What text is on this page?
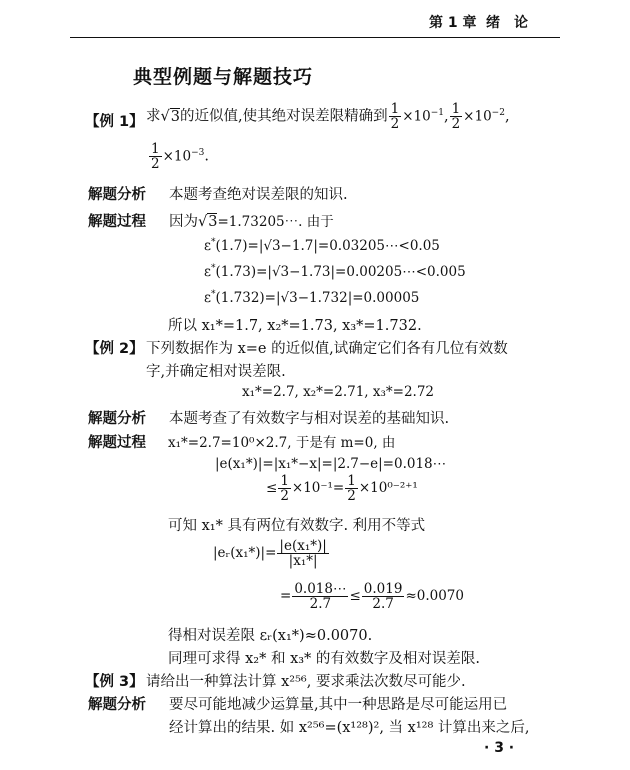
第 1 章 绪　论
典型例题与解题技巧
【例 1】 求√3的近似值,使其绝对误差限精确到 $\frac{1}{2} \times 10^{-1}$, $\frac{1}{2} \times 10^{-2}$,
$\frac{1}{2} \times 10^{-3}$.
解题分析 本题考查绝对误差限的知识.
解题过程 因为√3=1.73205⋯. 由于
ε*(1.7)=|√3−1.7|=0.03205⋯<0.05
ε*(1.73)=|√3−1.73|=0.00205⋯<0.005
ε*(1.732)=|√3−1.732|=0.00005
所以 x₁*=1.7, x₂*=1.73, x₃*=1.732.
【例 2】 下列数据作为 x=e 的近似值,试确定它们各有几位有效数
字,并确定相对误差限.
x₁*=2.7, x₂*=2.71, x₃*=2.72
解题分析 本题考查了有效数字与相对误差的基础知识.
解题过程 x₁*=2.7=10⁰×2.7, 于是有 m=0, 由
|e(x₁*)|=|x₁*−x|=|2.7−e|=0.018⋯
≤ $\frac{1}{2} \times 10^{-1}= \frac{1}{2} \times 10^{0-2+1}$
可知 x₁* 具有两位有效数字. 利用不等式
|eᵣ(x₁*)|= $\frac{\text{|e(x₁*)|}}{\text{|x₁*|}}$
= $\frac{0.018\cdots}{2.7} \le \frac{0.019}{2.7} \approx 0.0070$
得相对误差限 εᵣ(x₁*)≈0.0070.
同理可求得 x₂* 和 x₃* 的有效数字及相对误差限.
【例 3】 请给出一种算法计算 x²⁵⁶, 要求乘法次数尽可能少.
解题分析 要尽可能地减少运算量,其中一种思路是尽可能运用已
经计算出的结果. 如 x²⁵⁶=(x¹²⁸)², 当 x¹²⁸ 计算出来之后,
· 3 ·
